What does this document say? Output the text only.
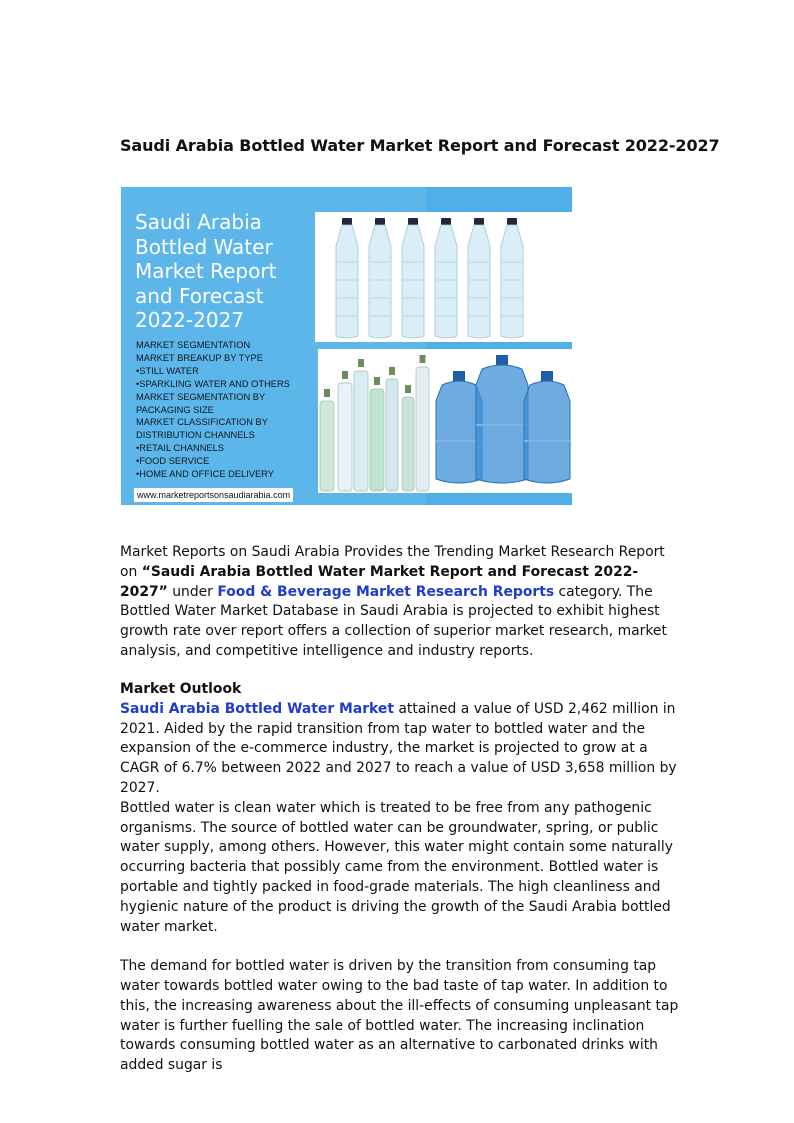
Saudi Arabia Bottled Water Market Report and Forecast 2022-2027
Saudi Arabia
Bottled Water
Market Report
and Forecast
2022-2027
MARKET SEGMENTATION
MARKET BREAKUP BY TYPE
•STILL WATER
•SPARKLING WATER AND OTHERS
MARKET SEGMENTATION BY
PACKAGING SIZE
MARKET CLASSIFICATION BY
DISTRIBUTION CHANNELS
•RETAIL CHANNELS
•FOOD SERVICE
•HOME AND OFFICE DELIVERY
www.marketreportsonsaudiarabia.com

Market Reports on Saudi Arabia Provides the Trending Market Research Report on “Saudi Arabia Bottled Water Market Report and Forecast 2022-2027” under Food & Beverage Market Research Reports category. The Bottled Water Market Database in Saudi Arabia is projected to exhibit highest growth rate over report offers a collection of superior market research, market analysis, and competitive intelligence and industry reports.

Market Outlook

Saudi Arabia Bottled Water Market attained a value of USD 2,462 million in 2021. Aided by the rapid transition from tap water to bottled water and the expansion of the e-commerce industry, the market is projected to grow at a CAGR of 6.7% between 2022 and 2027 to reach a value of USD 3,658 million by 2027.

Bottled water is clean water which is treated to be free from any pathogenic organisms. The source of bottled water can be groundwater, spring, or public water supply, among others. However, this water might contain some naturally occurring bacteria that possibly came from the environment. Bottled water is portable and tightly packed in food-grade materials. The high cleanliness and hygienic nature of the product is driving the growth of the Saudi Arabia bottled water market.

The demand for bottled water is driven by the transition from consuming tap water towards bottled water owing to the bad taste of tap water. In addition to this, the increasing awareness about the ill-effects of consuming unpleasant tap water is further fuelling the sale of bottled water. The increasing inclination towards consuming bottled water as an alternative to carbonated drinks with added sugar is
